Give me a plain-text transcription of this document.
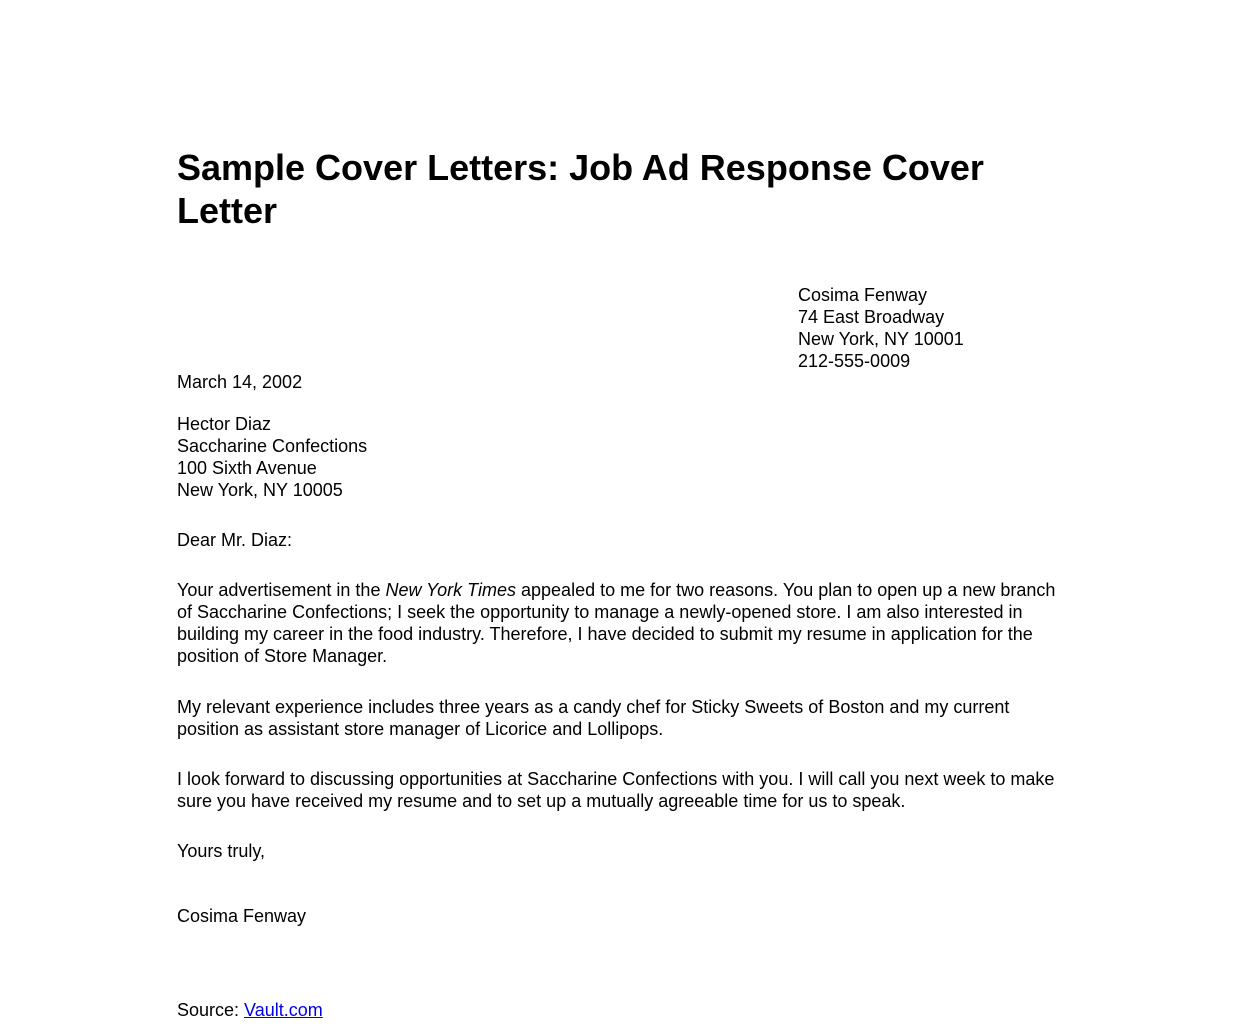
Sample Cover Letters: Job Ad Response Cover Letter
Cosima Fenway
74 East Broadway
New York, NY 10001
212-555-0009
March 14, 2002
Hector Diaz
Saccharine Confections
100 Sixth Avenue
New York, NY 10005
Dear Mr. Diaz:
Your advertisement in the New York Times appealed to me for two reasons. You plan to open up a new branch of Saccharine Confections; I seek the opportunity to manage a newly-opened store. I am also interested in building my career in the food industry. Therefore, I have decided to submit my resume in application for the position of Store Manager.
My relevant experience includes three years as a candy chef for Sticky Sweets of Boston and my current position as assistant store manager of Licorice and Lollipops.
I look forward to discussing opportunities at Saccharine Confections with you. I will call you next week to make sure you have received my resume and to set up a mutually agreeable time for us to speak.
Yours truly,
Cosima Fenway
Source: Vault.com
